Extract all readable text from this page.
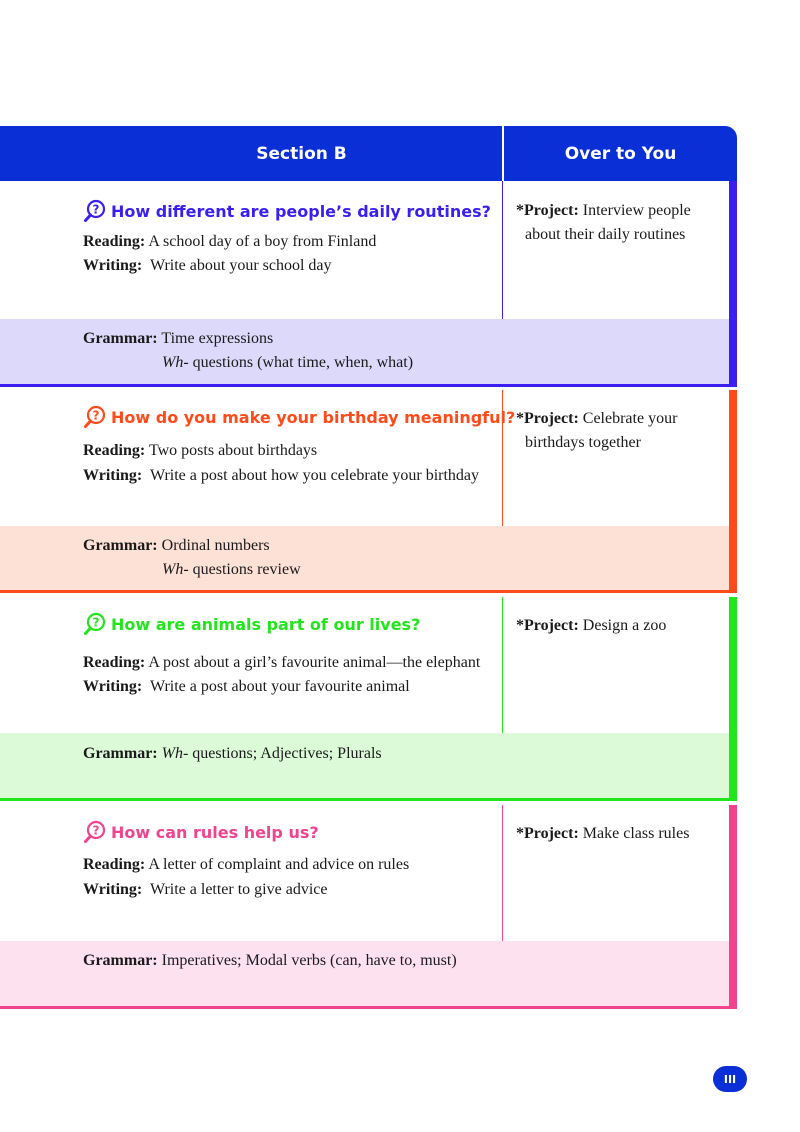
Section B	Over to You
? How different are people’s daily routines?
Reading: A school day of a boy from Finland
Writing: Write about your school day
*Project: Interview people
about their daily routines
Grammar: Time expressions
Wh- questions (what time, when, what)
? How do you make your birthday meaningful?
Reading: Two posts about birthdays
Writing: Write a post about how you celebrate your birthday
*Project: Celebrate your
birthdays together
Grammar: Ordinal numbers
Wh- questions review
? How are animals part of our lives?
Reading: A post about a girl’s favourite animal—the elephant
Writing: Write a post about your favourite animal
*Project: Design a zoo
Grammar: Wh- questions; Adjectives; Plurals
? How can rules help us?
Reading: A letter of complaint and advice on rules
Writing: Write a letter to give advice
*Project: Make class rules
Grammar: Imperatives; Modal verbs (can, have to, must)
III
